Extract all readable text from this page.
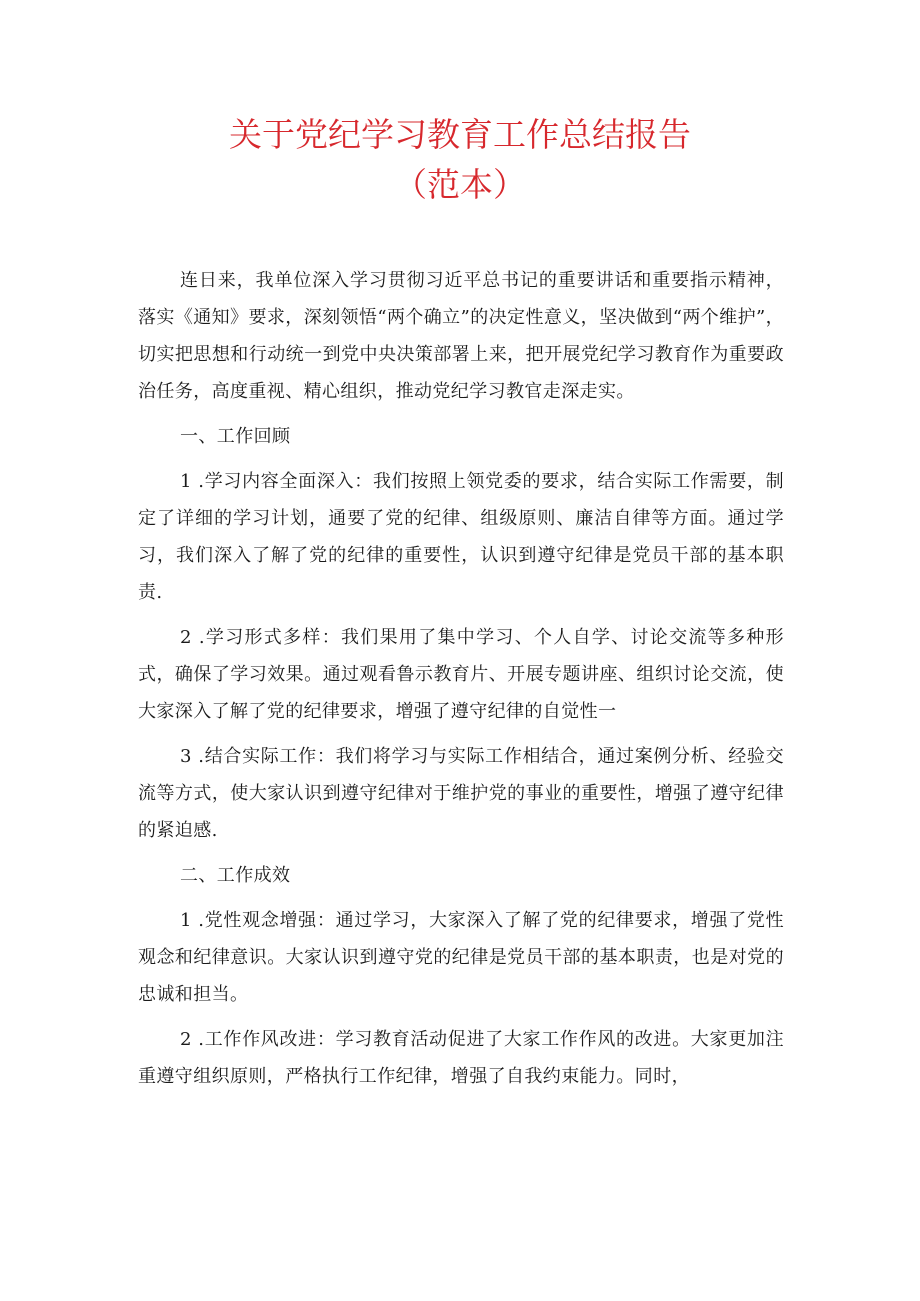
关于党纪学习教育工作总结报告
（范本）

连日来，我单位深入学习贯彻习近平总书记的重要讲话和重要指示精神，落实《通知》要求，深刻领悟“两个确立”的决定性意义，坚决做到“两个维护”，切实把思想和行动统一到党中央决策部署上来，把开展党纪学习教育作为重要政治任务，高度重视、精心组织，推动党纪学习教官走深走实。

一、工作回顾

1 .学习内容全面深入：我们按照上领党委的要求，结合实际工作需要，制定了详细的学习计划，通要了党的纪律、组级原则、廉洁自律等方面。通过学习，我们深入了解了党的纪律的重要性，认识到遵守纪律是党员干部的基本职责.

2 .学习形式多样：我们果用了集中学习、个人自学、讨论交流等多种形式，确保了学习效果。通过观看鲁示教育片、开展专题讲座、组织讨论交流，使大家深入了解了党的纪律要求，增强了遵守纪律的自觉性一

3 .结合实际工作：我们将学习与实际工作相结合，通过案例分析、经验交流等方式，使大家认识到遵守纪律对于维护党的事业的重要性，增强了遵守纪律的紧迫感.

二、工作成效

1 .党性观念增强：通过学习，大家深入了解了党的纪律要求，增强了党性观念和纪律意识。大家认识到遵守党的纪律是党员干部的基本职责，也是对党的忠诚和担当。

2 .工作作风改进：学习教育活动促进了大家工作作风的改进。大家更加注重遵守组织原则，严格执行工作纪律，增强了自我约束能力。同时，
